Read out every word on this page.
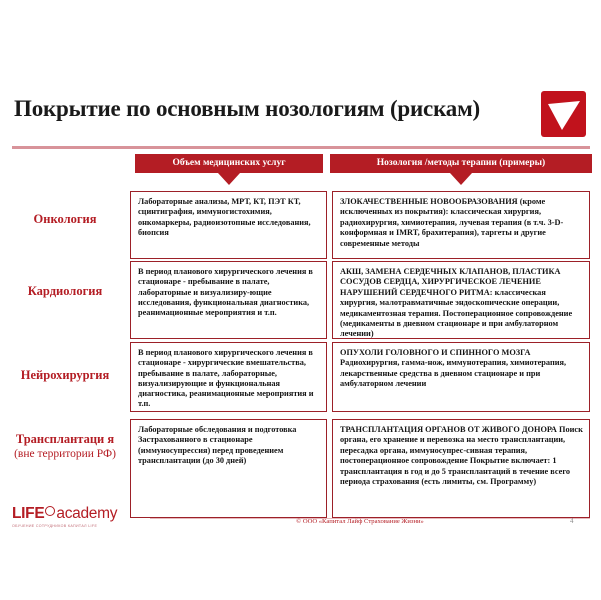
Покрытие по основным нозологиям (рискам)
Объем медицинских услуг	Нозология /методы терапии (примеры)
Онкология

Лабораторные анализы, МРТ, КТ, ПЭТ КТ, сцинтиграфия, иммуногистохимия, онкомаркеры, радиоизотопные исследования, биопсия

ЗЛОКАЧЕСТВЕННЫЕ НОВООБРАЗОВАНИЯ (кроме исключенных из покрытия): классическая хирургия, радиохирургия, химиотерапия, лучевая терапия (в т.ч. 3-D-конформная и IMRT, брахитерапия), таргеты и другие современные методы

Кардиология

В период планового хирургического лечения в стационаре - пребывание в палате, лабораторные и визуализиру-ющие исследования, функциональная диагностика, реанимационные мероприятия и т.п.

АКШ, ЗАМЕНА СЕРДЕЧНЫХ КЛАПАНОВ, ПЛАСТИКА СОСУДОВ СЕРДЦА, ХИРУРГИЧЕСКОЕ ЛЕЧЕНИЕ НАРУШЕНИЙ СЕРДЕЧНОГО РИТМА: классическая хирургия, малотравматичные эндоскопические операции, медикаментозная терапия. Постоперационное сопровождение (медикаменты в дневном стационаре и при амбулаторном лечении)

Нейрохирургия

В период планового хирургического лечения в стационаре - хирургические вмешательства, пребывание в палате, лабораторные, визуализирующие и функциональная диагностика, реанимационные мероприятия и т.п.

ОПУХОЛИ ГОЛОВНОГО И СПИННОГО МОЗГА Радиохирургия, гамма-нож, иммунотерапия, химиотерапия, лекарственные средства в дневном стационаре и при амбулаторном лечении

Трансплантаци я
(вне территории РФ)

Лабораторные обследования и подготовка Застрахованного в стационаре (иммуносупрессия) перед проведением трансплантации (до 30 дней)

ТРАНСПЛАНТАЦИЯ ОРГАНОВ ОТ ЖИВОГО ДОНОРА Поиск органа, его хранение и перевозка на место трансплантации, пересадка органа, иммуносупрес-сивная терапия, постоперационное сопровождение Покрытие включает: 1 трансплантация в год и до 5 трансплантаций в течение всего периода страхования (есть лимиты, см. Программу)

LIFE academy
ОБУЧЕНИЕ СОТРУДНИКОВ КАПИТАЛ LIFE
© ООО «Капитал Лайф Страхование Жизни»	4
